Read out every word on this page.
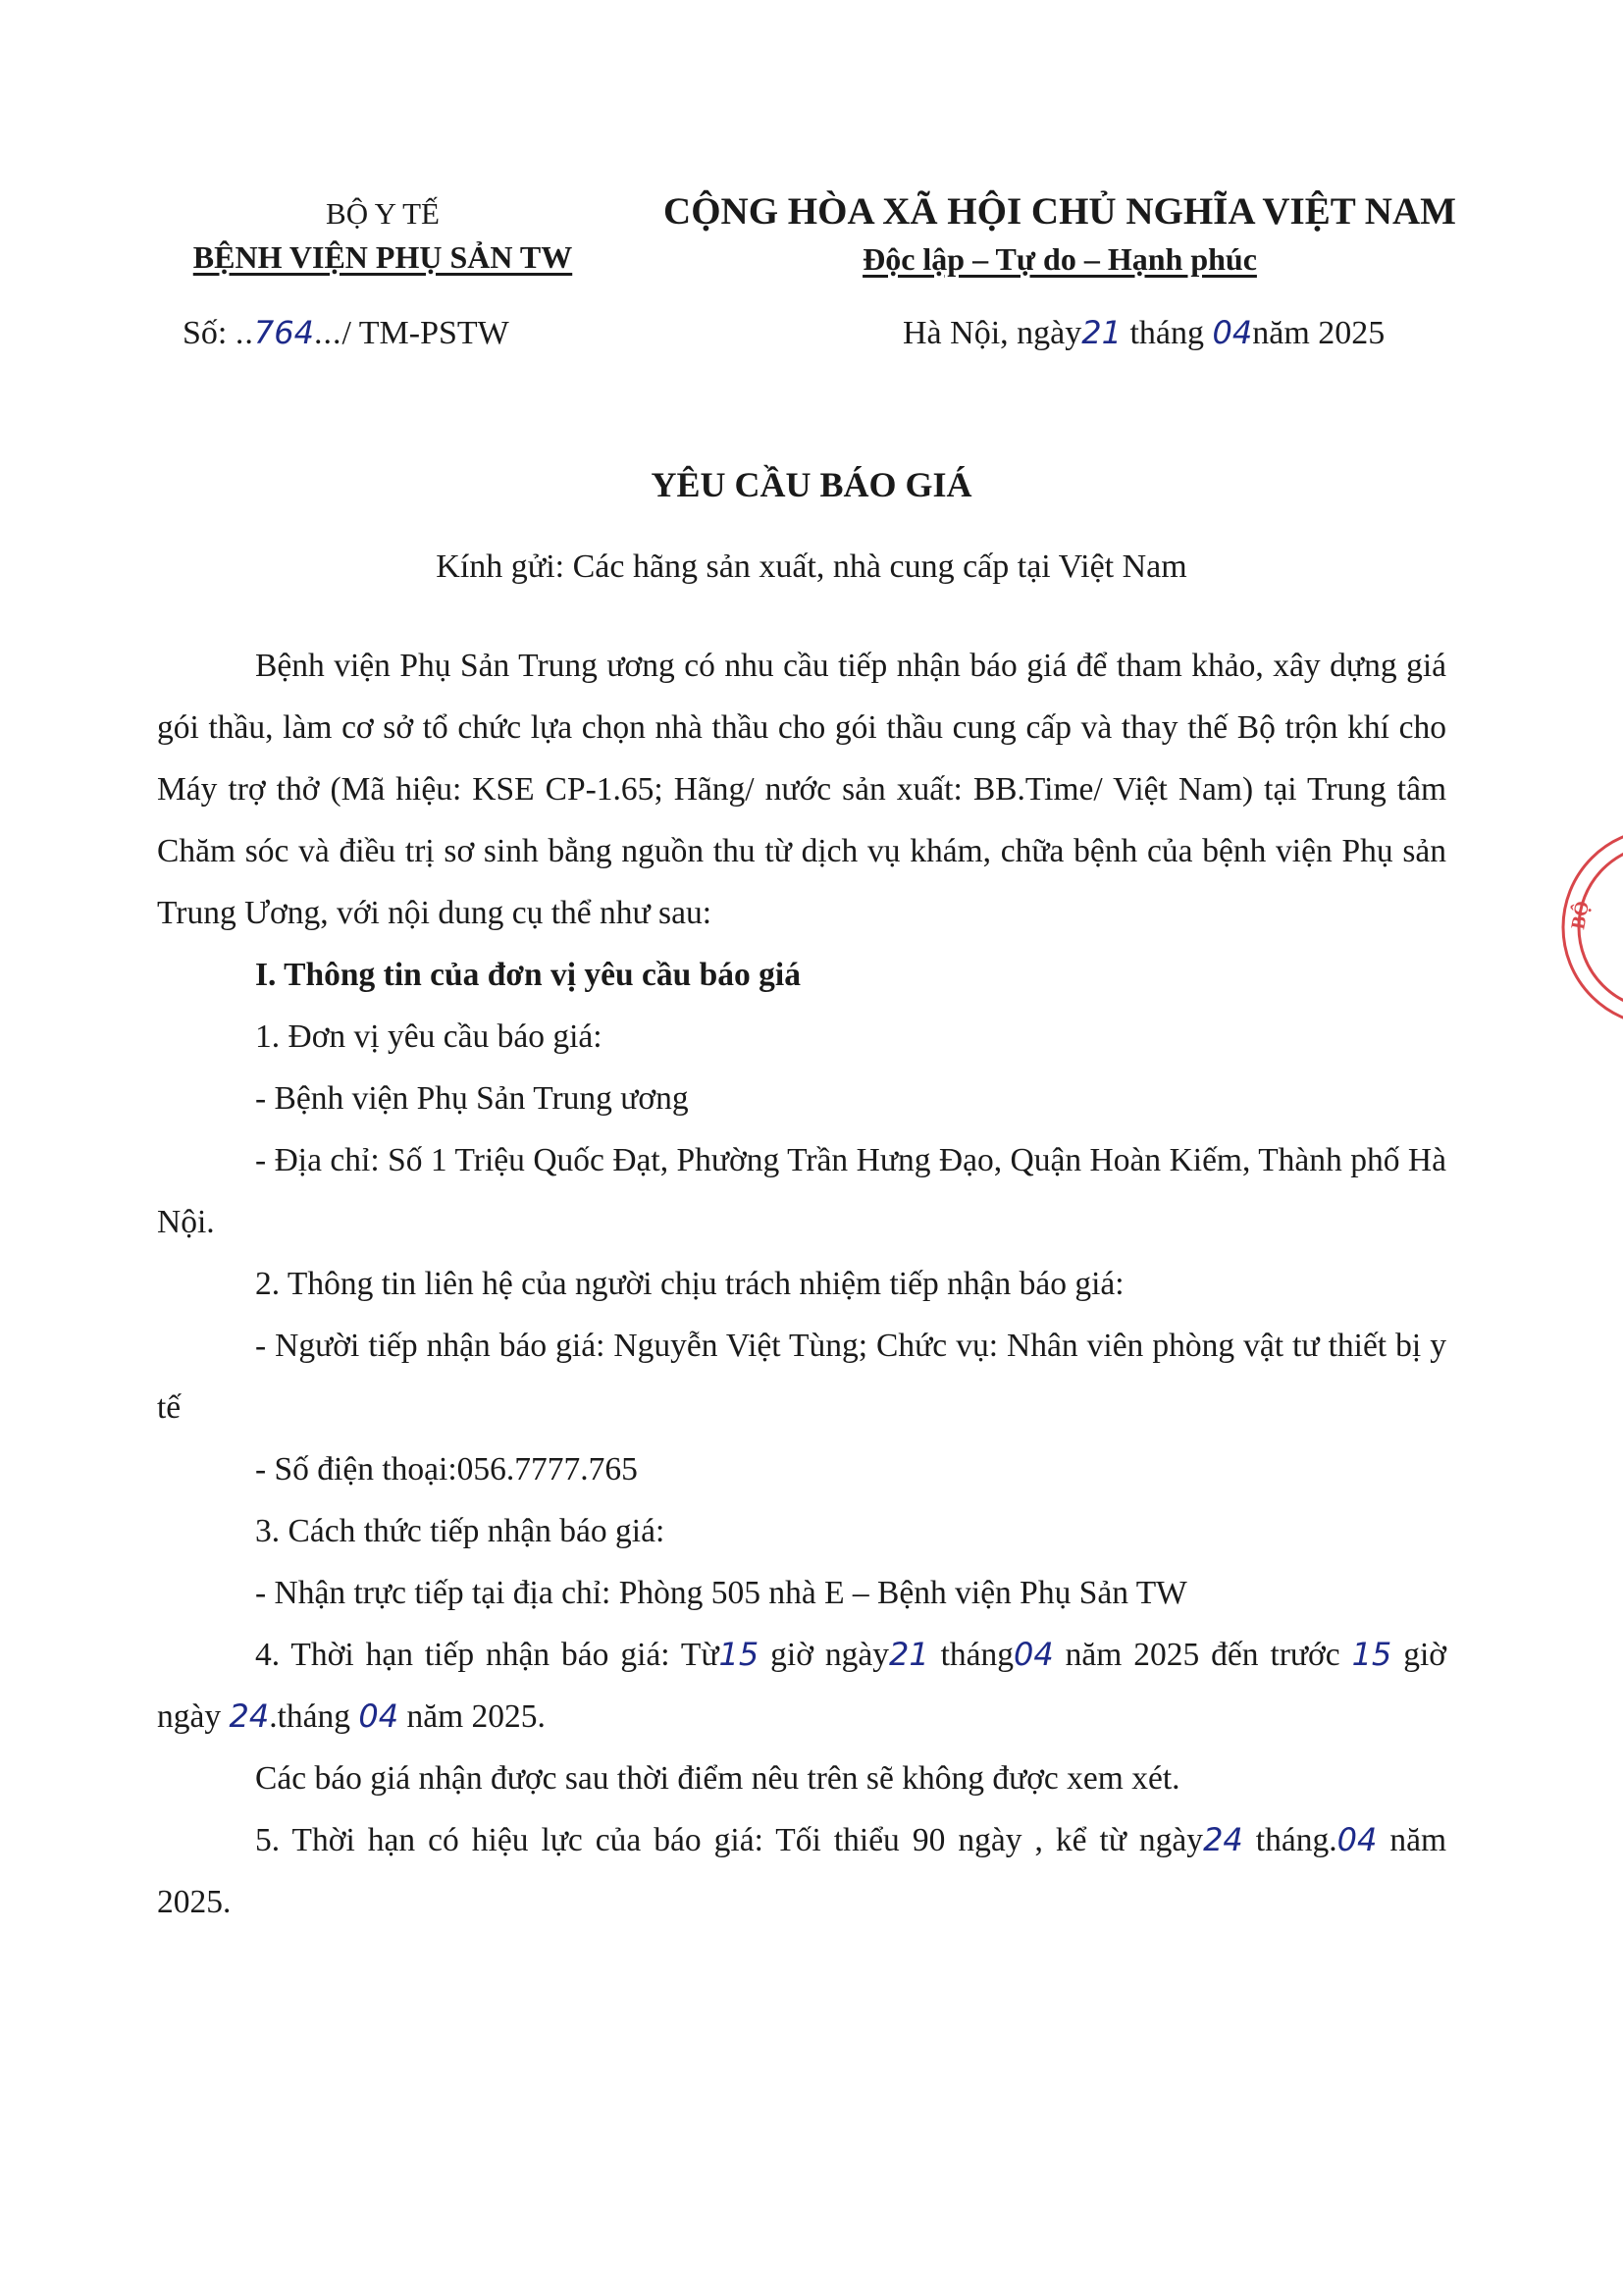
BỘ Y TẾ
BỆNH VIỆN PHỤ SẢN TW
CỘNG HÒA XÃ HỘI CHỦ NGHĨA VIỆT NAM
Độc lập – Tự do – Hạnh phúc
Số: ..764.../ TM-PSTW	Hà Nội, ngày21 tháng 04năm 2025
YÊU CẦU BÁO GIÁ
Kính gửi: Các hãng sản xuất, nhà cung cấp tại Việt Nam

Bệnh viện Phụ Sản Trung ương có nhu cầu tiếp nhận báo giá để tham khảo, xây dựng giá gói thầu, làm cơ sở tổ chức lựa chọn nhà thầu cho gói thầu cung cấp và thay thế Bộ trộn khí cho Máy trợ thở (Mã hiệu: KSE CP-1.65; Hãng/ nước sản xuất: BB.Time/ Việt Nam) tại Trung tâm Chăm sóc và điều trị sơ sinh bằng nguồn thu từ dịch vụ khám, chữa bệnh của bệnh viện Phụ sản Trung Ương, với nội dung cụ thể như sau:

I. Thông tin của đơn vị yêu cầu báo giá

1. Đơn vị yêu cầu báo giá:

- Bệnh viện Phụ Sản Trung ương

- Địa chỉ: Số 1 Triệu Quốc Đạt, Phường Trần Hưng Đạo, Quận Hoàn Kiếm, Thành phố Hà Nội.

2. Thông tin liên hệ của người chịu trách nhiệm tiếp nhận báo giá:

- Người tiếp nhận báo giá: Nguyễn Việt Tùng; Chức vụ: Nhân viên phòng vật tư thiết bị y tế

- Số điện thoại:056.7777.765

3. Cách thức tiếp nhận báo giá:

- Nhận trực tiếp tại địa chỉ: Phòng 505 nhà E – Bệnh viện Phụ Sản TW

4. Thời hạn tiếp nhận báo giá: Từ15 giờ ngày21 tháng04 năm 2025 đến trước 15 giờ ngày 24.tháng 04 năm 2025.

Các báo giá nhận được sau thời điểm nêu trên sẽ không được xem xét.

5. Thời hạn có hiệu lực của báo giá: Tối thiểu 90 ngày , kể từ ngày24 tháng.04 năm 2025.

BỘ
